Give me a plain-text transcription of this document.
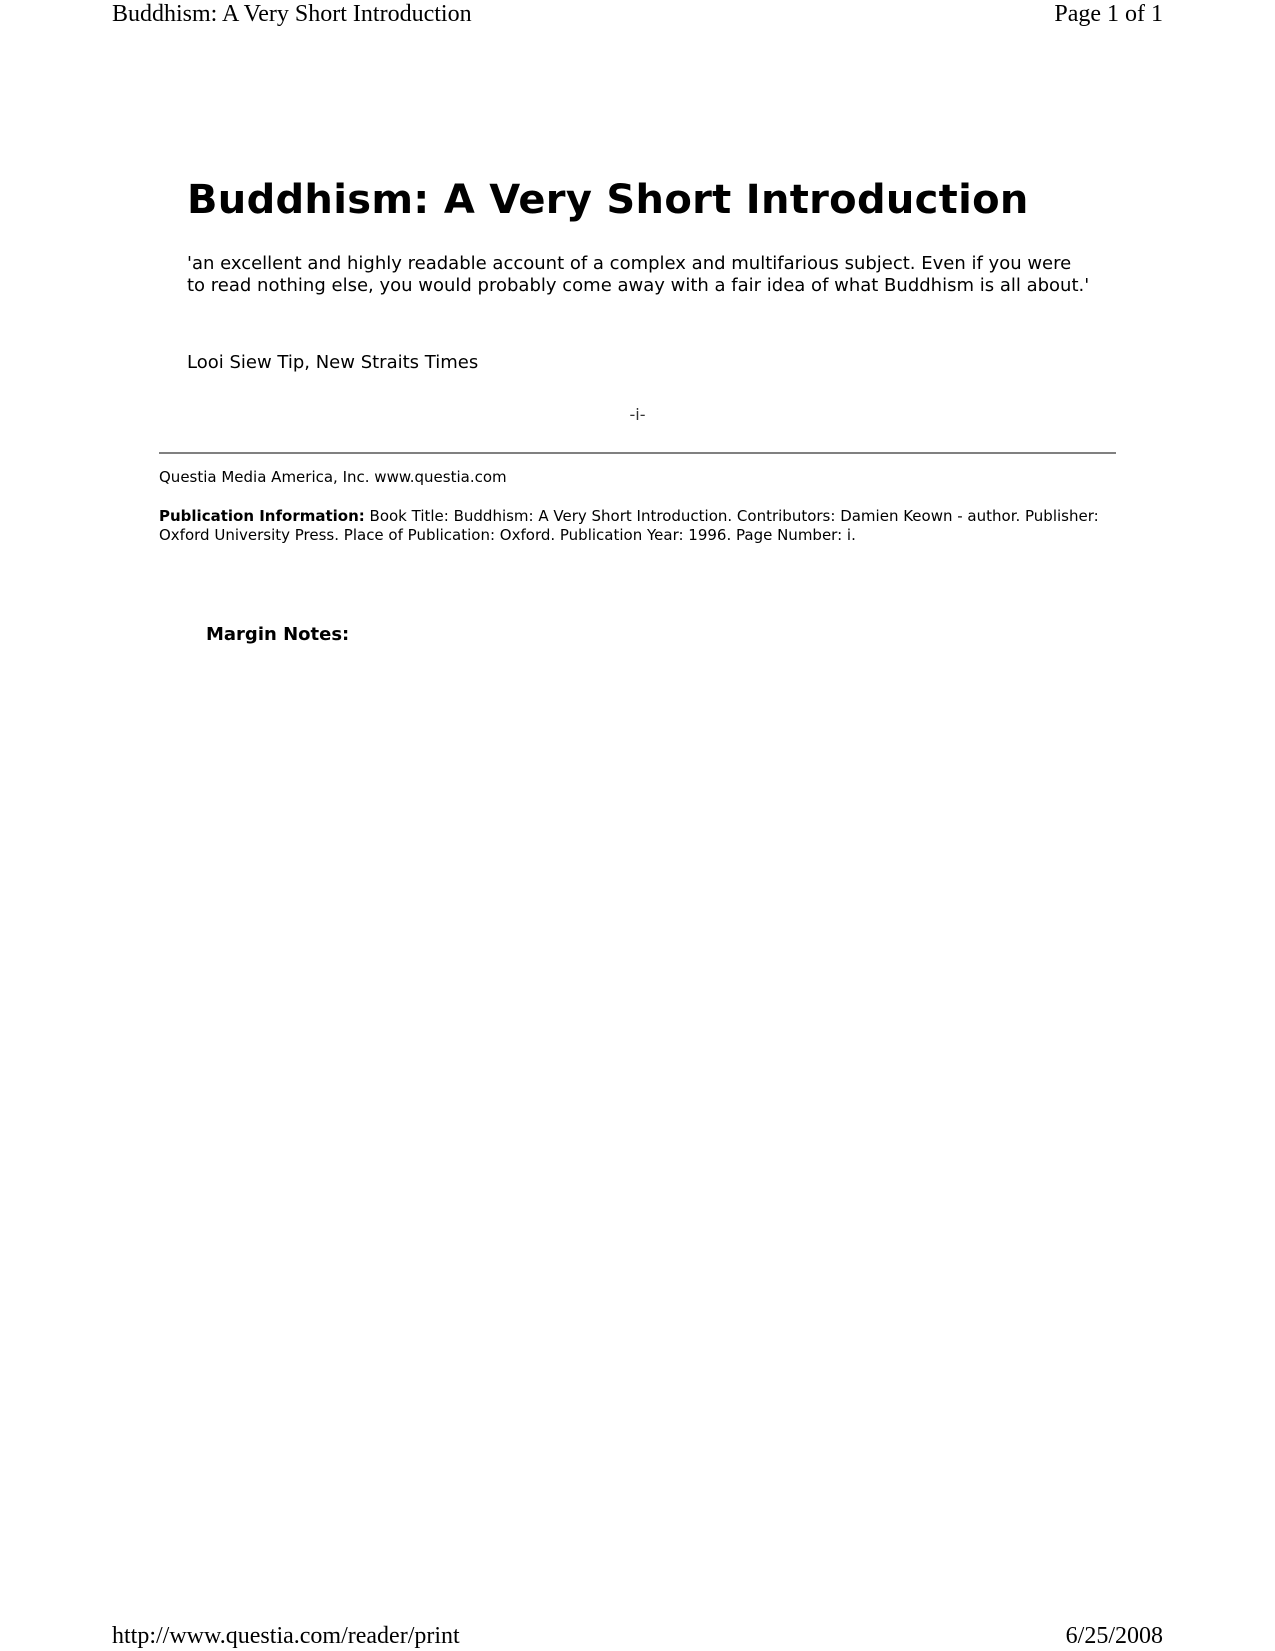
Buddhism: A Very Short Introduction	Page 1 of 1
Buddhism: A Very Short Introduction

'an excellent and highly readable account of a complex and multifarious subject. Even if you were to read nothing else, you would probably come away with a fair idea of what Buddhism is all about.'

Looi Siew Tip, New Straits Times

-i-

Questia Media America, Inc. www.questia.com

Publication Information: Book Title: Buddhism: A Very Short Introduction. Contributors: Damien Keown - author. Publisher: Oxford University Press. Place of Publication: Oxford. Publication Year: 1996. Page Number: i.

Margin Notes:
http://www.questia.com/reader/print	6/25/2008
